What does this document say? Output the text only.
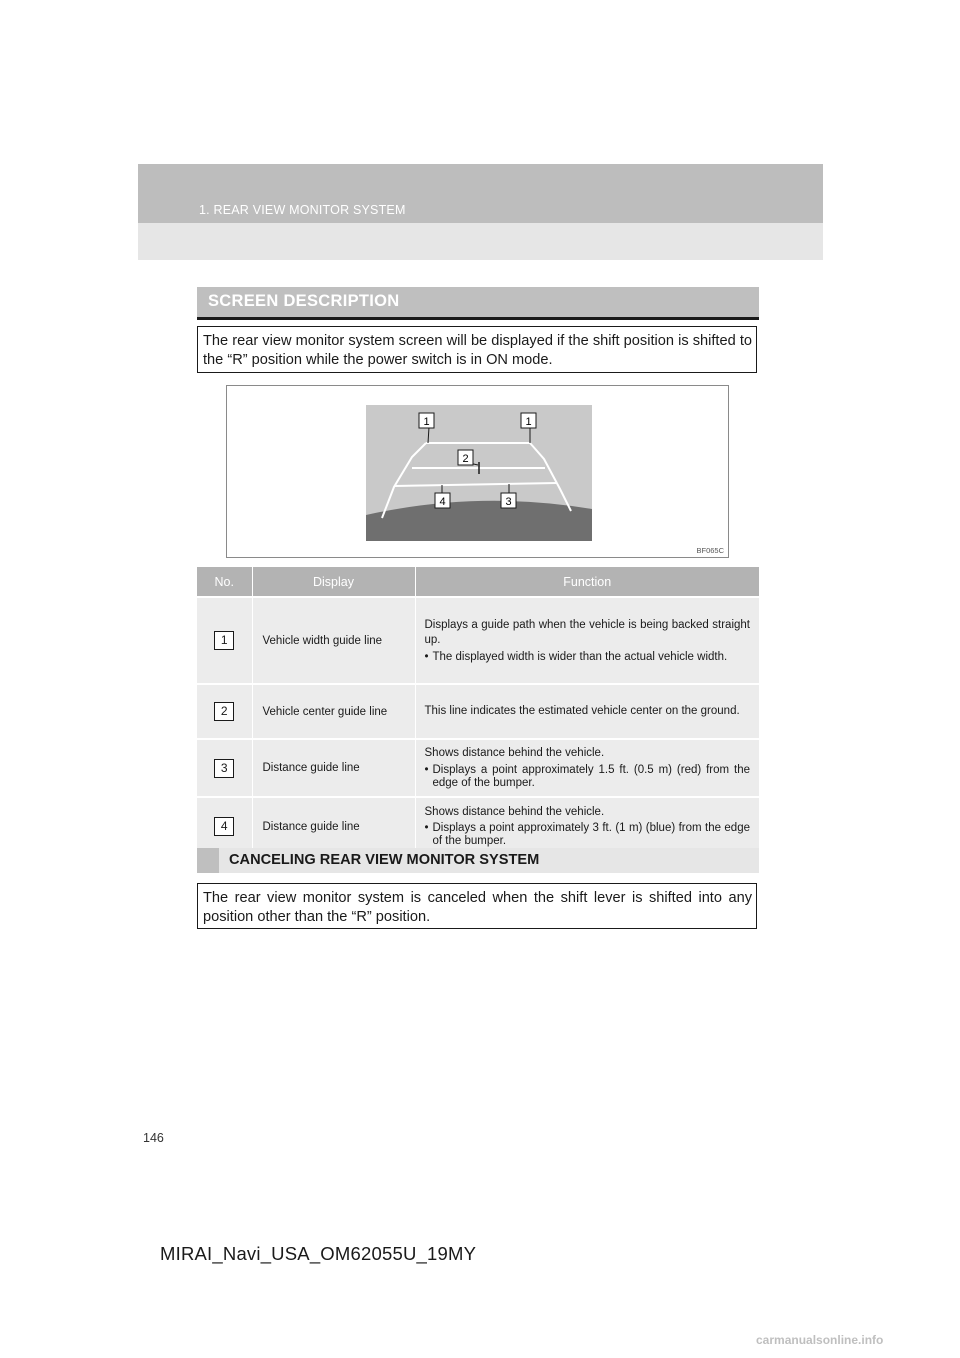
1. REAR VIEW MONITOR SYSTEM
SCREEN DESCRIPTION
The rear view monitor system screen will be displayed if the shift position is shifted to the “R” position while the power switch is in ON mode.
1	1
2
4	3
BF065C
No.	Display	Function
1	Vehicle width guide line	Displays a guide path when the vehicle is being backed straight up.
• The displayed width is wider than the actual vehicle width.

2	Vehicle center guide line	This line indicates the estimated vehicle center on the ground.

3	Distance guide line	Shows distance behind the vehicle.
• Displays a point approximately 1.5 ft. (0.5 m) (red) from the edge of the bumper.

4	Distance guide line	Shows distance behind the vehicle.
• Displays a point approximately 3 ft. (1 m) (blue) from the edge of the bumper.
CANCELING REAR VIEW MONITOR SYSTEM
The rear view monitor system is canceled when the shift lever is shifted into any position other than the “R” position.
146
MIRAI_Navi_USA_OM62055U_19MY
carmanualsonline.info
